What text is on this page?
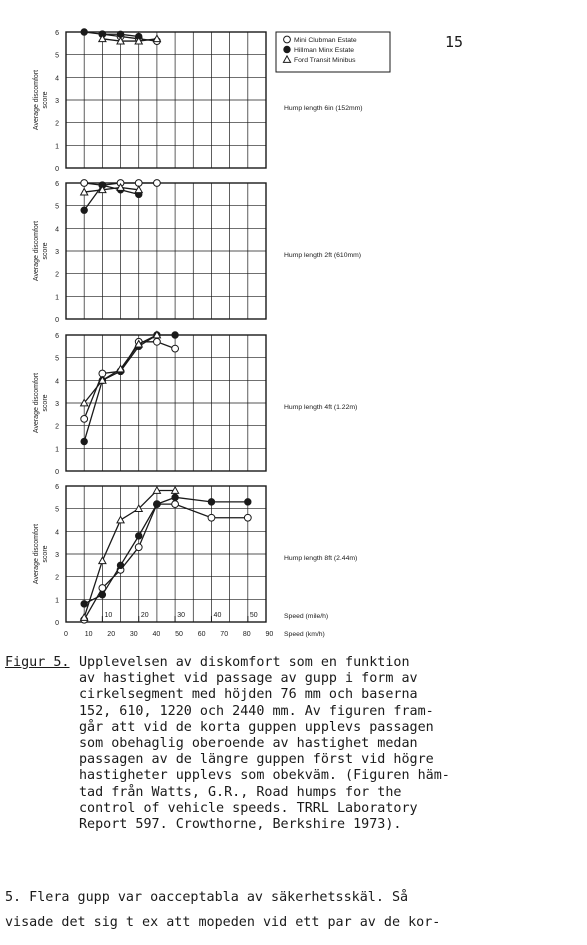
15
0
1
2
3
4
5
6
Average discomfort score	Hump length 6in (152mm)
0
1
2
3
4
5
6
Average discomfort score	Hump length 2ft (610mm)
0
1
2
3
4
5
6
Average discomfort score	Hump length 4ft (1.22m)
0
1
2
3
4
5
6
Average discomfort score	Hump length 8ft (2.44m)
Mini Clubman Estate
Hillman Minx Estate
Ford Transit Minibus
10	20	30	40	50	Speed (mile/h)
0 10 20 30 40 50 60 70 80 90 Speed (km/h)
Figur 5. Upplevelsen av diskomfort som en funktion
av hastighet vid passage av gupp i form av
cirkelsegment med höjden 76 mm och baserna
152, 610, 1220 och 2440 mm. Av figuren fram-
går att vid de korta guppen upplevs passagen
som obehaglig oberoende av hastighet medan
passagen av de längre guppen först vid högre
hastigheter upplevs som obekväm. (Figuren häm-
tad från Watts, G.R., Road humps for the
control of vehicle speeds. TRRL Laboratory
Report 597. Crowthorne, Berkshire 1973).
5. Flera gupp var oacceptabla av säkerhetsskäl. Så
visade det sig t ex att mopeden vid ett par av de kor-
